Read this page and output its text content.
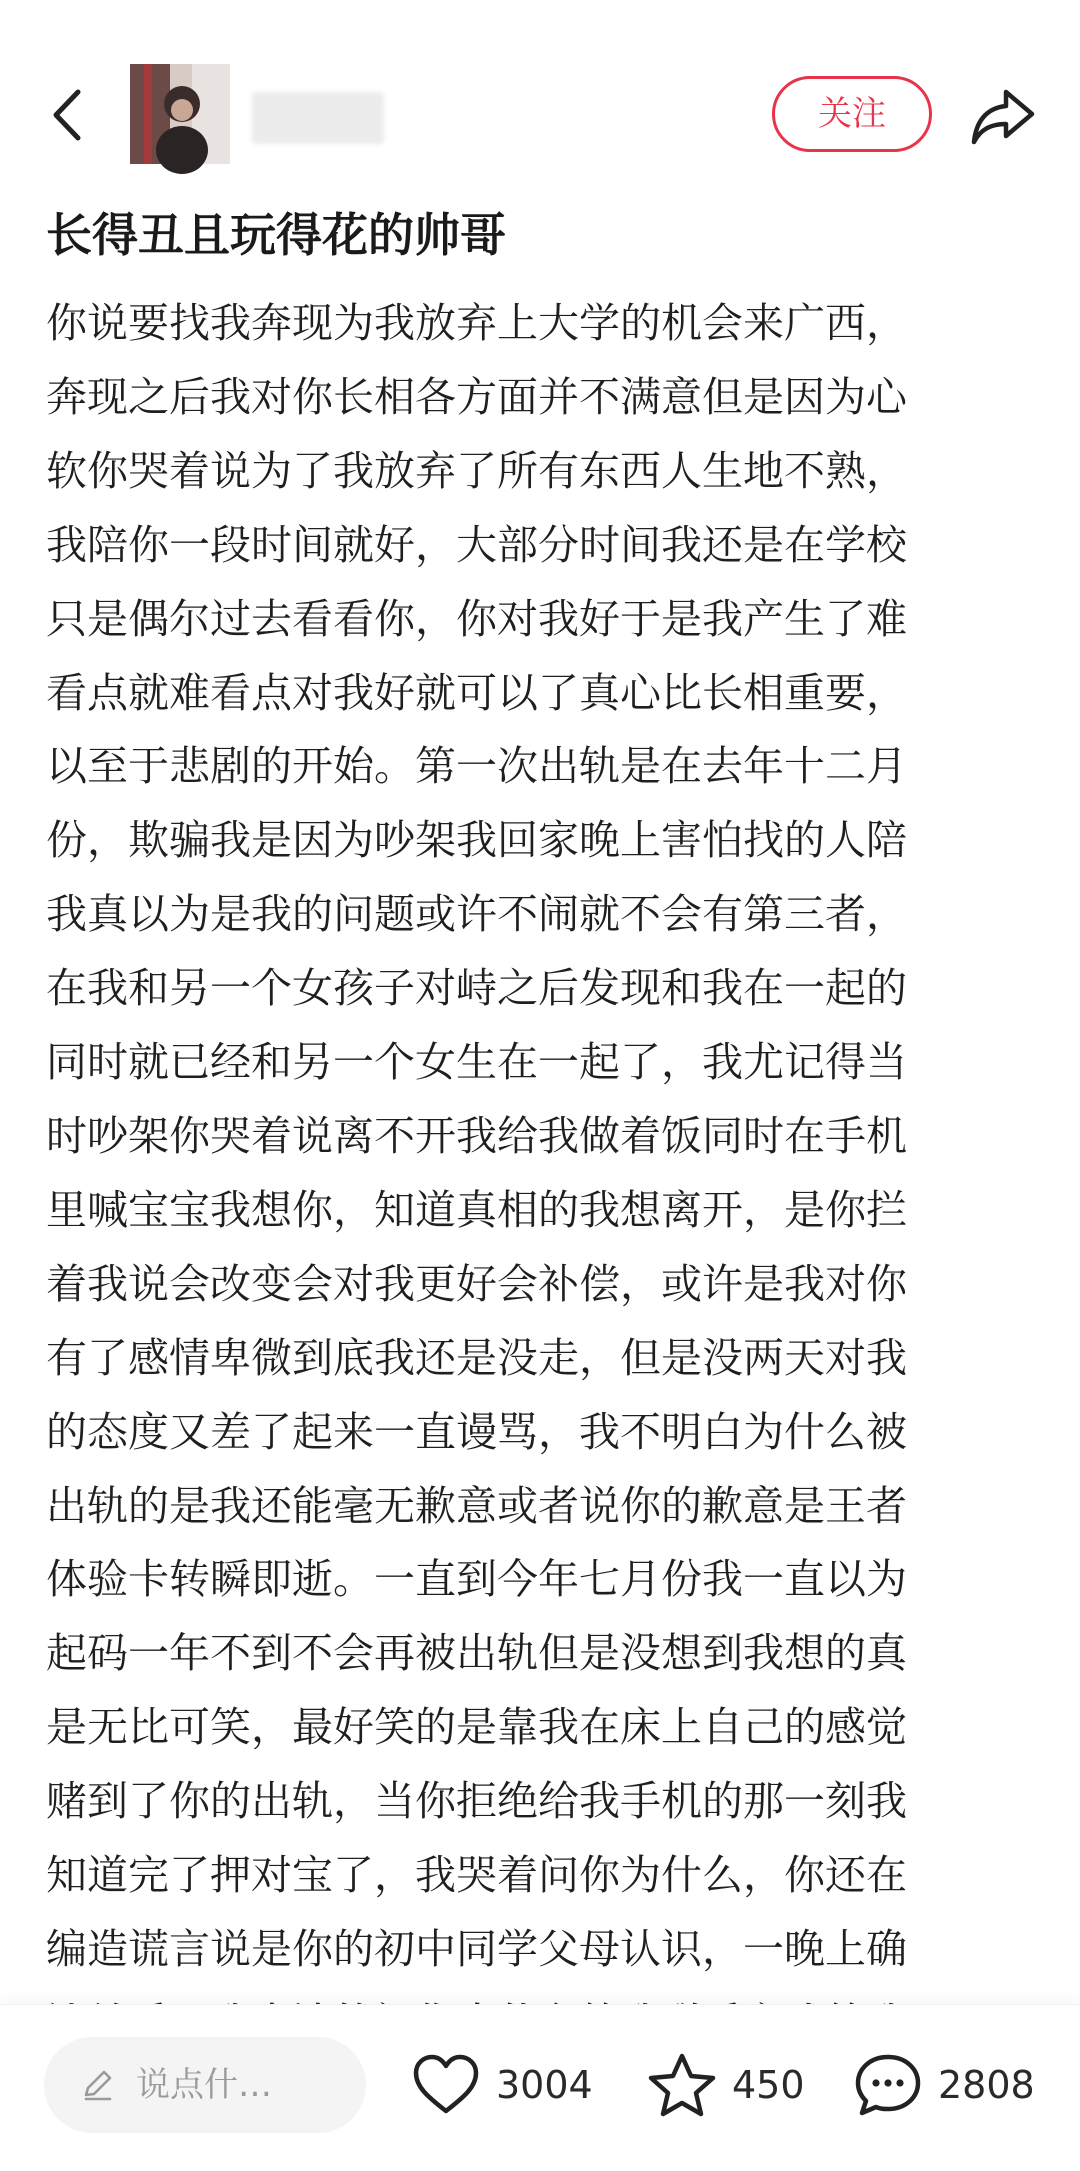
关注
长得丑且玩得花的帅哥

你说要找我奔现为我放弃上大学的机会来广西，

奔现之后我对你长相各方面并不满意但是因为心

软你哭着说为了我放弃了所有东西人生地不熟，

我陪你一段时间就好，大部分时间我还是在学校

只是偶尔过去看看你，你对我好于是我产生了难

看点就难看点对我好就可以了真心比长相重要，

以至于悲剧的开始。第一次出轨是在去年十二月

份，欺骗我是因为吵架我回家晚上害怕找的人陪

我真以为是我的问题或许不闹就不会有第三者，

在我和另一个女孩子对峙之后发现和我在一起的

同时就已经和另一个女生在一起了，我尤记得当

时吵架你哭着说离不开我给我做着饭同时在手机

里喊宝宝我想你，知道真相的我想离开，是你拦

着我说会改变会对我更好会补偿，或许是我对你

有了感情卑微到底我还是没走，但是没两天对我

的态度又差了起来一直谩骂，我不明白为什么被

出轨的是我还能毫无歉意或者说你的歉意是王者

体验卡转瞬即逝。一直到今年七月份我一直以为

起码一年不到不会再被出轨但是没想到我想的真

是无比可笑，最好笑的是靠我在床上自己的感觉

赌到了你的出轨，当你拒绝给我手机的那一刻我

知道完了押对宝了，我哭着问你为什么，你还在

编造谎言说是你的初中同学父母认识，一晚上确

说点什…	3004	450	2808
